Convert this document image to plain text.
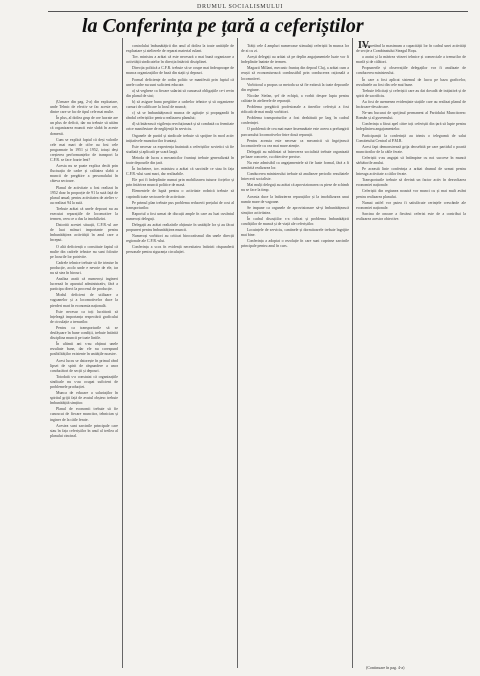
DRUMUL SOCIALISMULUI
la Conferința pe țară a ceferiștilor
IV.

(Urmare din pag. 2-a) din exploatare, unde Tehnic de efectiv se fac aceste ore, dintre care se fac de tipul cele mai multe.

În plus, al doilea grup de ore lucrate are un plus de deficit, dar nu trebuie să uităm că organizarea muncii este slabă în aceste domenii.

Cum se explică faptul că deși valorile cele mai mari de cifre au fost cele programate în 1951 și 1952, totuși deși creșterea performanțelor de transport la C.F.R. se face foarte lent?

Acesta nu se poate explica decât prin fluctuația de cadre și calitatea slabă a muncii de pregătire a personalului în câteva sectoare.

Planul de activitate a fost realizat în 1952 doar în proporție de 91 la sută față de planul anual; pentru activitatea de atelier s-au realizat 94 la sută.

Trebuie arătat că unele depouri nu au executat reparațiile de locomotive la termen, ceea ce a dus la imobilizări.

Datorită acestei situații, C.F.R.-ul are de luat măsuri importante pentru îmbunătățirea activității în anul care a început.

O altă deficiență o constituie faptul că multe din cadrele tehnice nu sunt folosite pe locurile lor potrivite.

Cadrele tehnice trebuie să fie trimise în producție, acolo unde e nevoie de ele, iar nu să stea în birouri.

Analiza arată că numeroși ingineri lucrează în aparatul administrativ, fără a participa direct la procesul de producție.

Modul deficient de utilizare a vagoanelor și a locomotivelor duce la pierderi mari în economia națională.

Este necesar ca toți lucrătorii să înțeleagă importanța respectării graficului de circulație a trenurilor.

Pentru ca transporturile să se desfășoare în bune condiții, trebuie întărită disciplina muncii pe toate liniile.

În ultimii ani s-au obținut unele rezultate bune, dar ele nu corespund posibilităților existente în unitățile noastre.

Acest lucru se datorește în primul rând lipsei de spirit de răspundere a unor conducători de secții și depouri.

Totodată s-a constatat că organizațiile sindicale nu s-au ocupat suficient de problemele producției.

Munca de educare a salariaților în spiritul grijii față de avutul obștesc trebuie îmbunătățită simțitor.

Planul de economii trebuie să fie cunoscut de fiecare muncitor, tehnician și inginer de la căile ferate.

Acestea sunt sarcinile principale care stau în fața ceferiștilor în anul al treilea al planului cincinal.

controlului îmbunătățirii din anul al doilea la toate unitățile de exploatare și atelierele de reparat material rulant.

Tov. ministru a arătat că este necesară o mai bună organizare a activității sindicatelor în direcția întăririi disciplinei.

Direcția politică a C.F.R. trebuie să se ocupe mai îndeaproape de munca organizațiilor de bază din stații și depouri.

Formal deficiențe de ordin politic se manifestă prin faptul că unele cadre nu sunt suficient educate.

a) să vegheze ca fiecare salariat să cunoască obligațiile ce-i revin din planul de stat;

b) să asigure buna pregătire a cadrelor tehnice și să organizeze cursuri de calificare la locul de muncă;

c) să se îmbunătățească munca de agitație și propagandă în rândul ceferiștilor pentru realizarea planului;

d) să întărească vigilența revoluționară și să combată cu fermitate orice manifestare de neglijență în serviciu.

Organele de partid și sindicale trebuie să sprijine în mod activ inițiativele muncitorilor fruntași.

Este necesar ca experiența înaintată a ceferiștilor sovietici să fie studiată și aplicată pe scară largă.

Metoda de lucru a mecanicilor fruntași trebuie generalizată în toate depourile din țară.

În încheiere, tov. ministru a arătat că sarcinile ce stau în fața C.F.R.-ului sunt mari, dar realizabile.

Ele pot fi îndeplinite numai prin mobilizarea tuturor forțelor și prin întărirea muncii politice de masă.

Elementele de luptă pentru o activitate rodnică trebuie să cuprindă toate sectoarele de activitate.

Pe primul plan trebuie pus problema reducerii prețului de cost al transporturilor.

Raportul a fost urmat de discuții ample în care au luat cuvântul numeroși delegați.

Delegații au arătat realizările obținute în unitățile lor și au făcut propuneri pentru îmbunătățirea muncii.

Numeroși vorbitori au criticat birocratismul din unele direcții regionale ale C.F.R.-ului.

Conferința a scos în evidență necesitatea întăririi răspunderii personale pentru siguranța circulației.

Trăiți cele 4 ampluri numeroase stimulați ceferiștii în munca lor de zi cu zi.

Acești delegați au arătat că pe deplin angajamentele luate vor fi îndeplinite înainte de termen.

Magazii Millani, mecanic fruntaș din depoul Cluj, a arătat cum a reușit să economisească combustibil prin conducerea rațională a locomotivei.

Vorbitorul a propus ca metoda sa să fie extinsă la toate depourile din regiune.

Nicolae Stefan, șef de echipă, a vorbit despre lupta pentru calitate în atelierele de reparații.

Problema pregătirii profesionale a tinerilor ceferiști a fost ridicată de mai mulți vorbitori.

Problema transporturilor a fost dezbătută pe larg în cadrul conferinței.

O problemă de cea mai mare însemnătate este aceea a prelungirii parcursului locomotivelor între două reparații.

Pentru aceasta este necesar ca mecanicii să îngrijească locomotivele cu cea mai mare atenție.

Delegații au subliniat că întrecerea socialistă trebuie organizată pe baze concrete, cu obiective precise.

Nu este admisibil ca angajamentele să fie luate formal, fără a fi urmărită realizarea lor.

Conducerea ministerului trebuie să analizeze periodic rezultatele întrecerii socialiste.

Mai mulți delegați au arătat că aprovizionarea cu piese de schimb nu se face la timp.

Aceasta duce la întârzierea reparațiilor și la imobilizarea unui număr mare de vagoane.

Se impune ca organele de aprovizionare să-și îmbunătățească simțitor activitatea.

În cadrul discuțiilor s-a ridicat și problema îmbunătățirii condițiilor de muncă și de viață ale ceferiștilor.

Locuințele de serviciu, cantinele și dormitoarele trebuie îngrijite mai bine.

Conferința a adoptat o rezoluție în care sunt cuprinse sarcinile principale pentru anul în curs.

interpretând la maximum a capacității lor în cadrul unei activități de secție a Combinatului Steagul Roșu.

a aratat și la mărirea vitezei tehnice și comerciale a trenurilor de marfă și de călători.

Propunerile și observațiile delegaților vor fi analizate de conducerea ministerului.

În care a fost aplicat sistemul de lucru pe baza graficelor, rezultatele au fost din cele mai bune.

Trebuie felicitați și ceferiștii care au dat dovadă de inițiativă și de spirit de sacrificiu.

Au fost de asemenea evidențiate stațiile care au realizat planul de încărcare-descărcare.

Ne-am bucurat de sprijinul permanent al Partidului Muncitoresc Român și al guvernului.

Conferința a făcut apel către toți ceferiștii din țară să lupte pentru îndeplinirea angajamentelor.

Participanții la conferință au trimis o telegramă de salut Comitetului Central al P.M.R.

Acest fapt demonstrează grija deosebită pe care partidul o poartă muncitorilor de la căile ferate.

Ceferiștii s-au angajat să întâmpine cu noi succese în muncă sărbătorile anului.

Pe această linie conferința a arătat drumul de urmat pentru întreaga activitate a căilor ferate.

Transporturile trebuie să devină un factor activ în dezvoltarea economiei naționale.

Ceferiștii din regiunea noastră vor munci cu și mai mult avânt pentru realizarea planului.

Numai astfel vor putea fi satisfăcute cerințele crescânde ale economiei naționale.

Sarcina de onoare a fiecărui ceferist este de a contribui la realizarea acestor obiective.

(Continuare în pag. 4-a)
